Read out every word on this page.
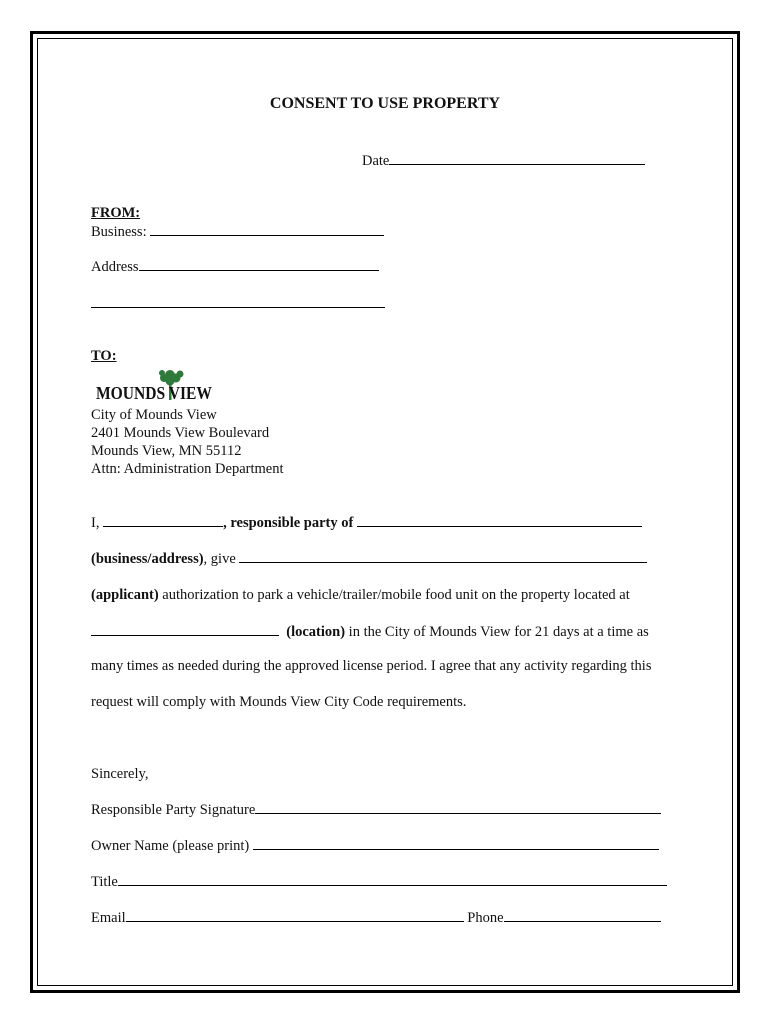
CONSENT TO USE PROPERTY
Date
FROM:
Business:
Address
TO:
MOUNDS VIEW
City of Mounds View
2401 Mounds View Boulevard
Mounds View, MN 55112
Attn: Administration Department
I,	, responsible party of
(business/address), give
(applicant) authorization to park a vehicle/trailer/mobile food unit on the property located at
(location) in the City of Mounds View for 21 days at a time as
many times as needed during the approved license period. I agree that any activity regarding this
request will comply with Mounds View City Code requirements.
Sincerely,
Responsible Party Signature
Owner Name (please print)
Title
Email	Phone
